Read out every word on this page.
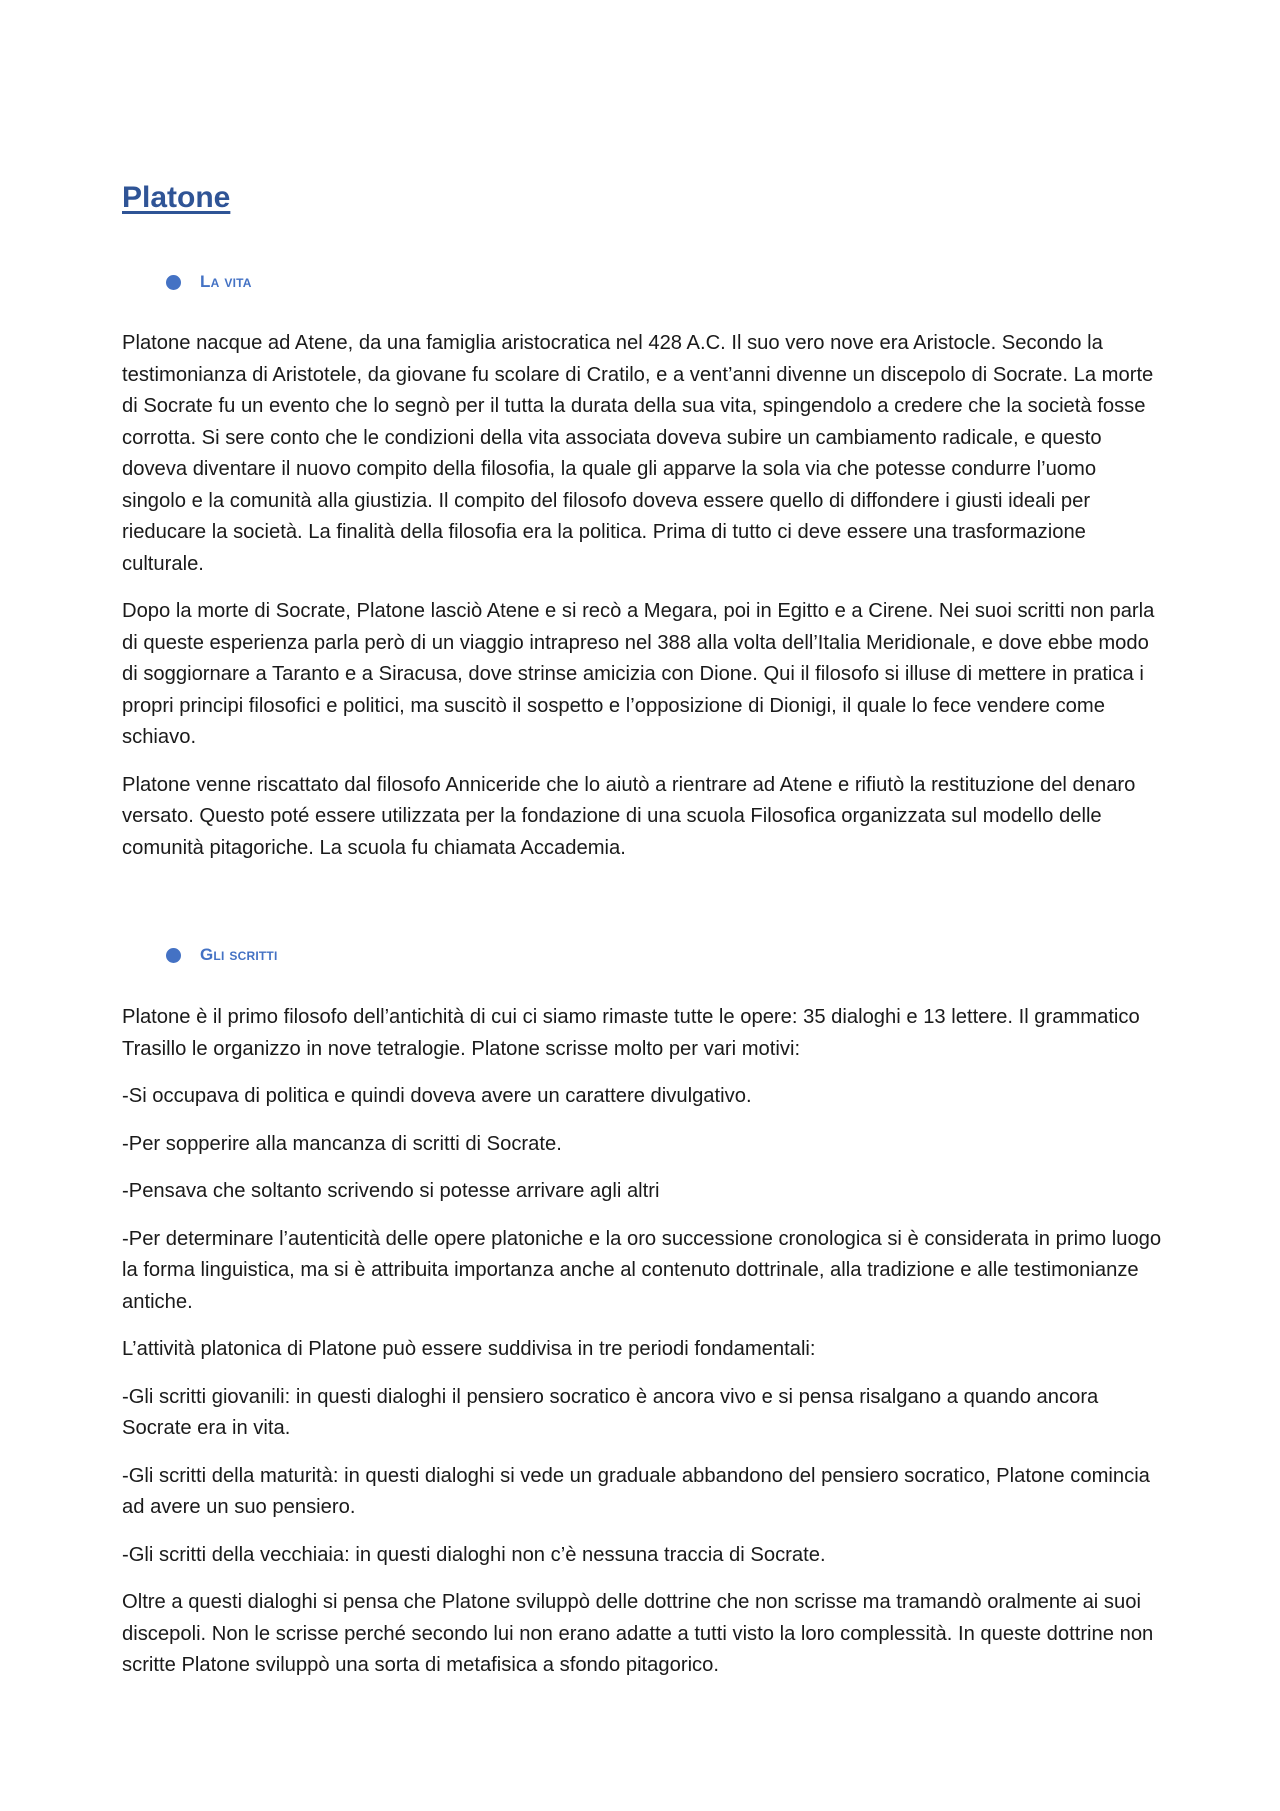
Platone
La vita

Platone nacque ad Atene, da una famiglia aristocratica nel 428 A.C. Il suo vero nove era Aristocle. Secondo la testimonianza di Aristotele, da giovane fu scolare di Cratilo, e a vent’anni divenne un discepolo di Socrate. La morte di Socrate fu un evento che lo segnò per il tutta la durata della sua vita, spingendolo a credere che la società fosse corrotta. Si sere conto che le condizioni della vita associata doveva subire un cambiamento radicale, e questo doveva diventare il nuovo compito della filosofia, la quale gli apparve la sola via che potesse condurre l’uomo singolo e la comunità alla giustizia. Il compito del filosofo doveva essere quello di diffondere i giusti ideali per rieducare la società. La finalità della filosofia era la politica. Prima di tutto ci deve essere una trasformazione culturale.

Dopo la morte di Socrate, Platone lasciò Atene e si recò a Megara, poi in Egitto e a Cirene. Nei suoi scritti non parla di queste esperienza parla però di un viaggio intrapreso nel 388 alla volta dell’Italia Meridionale, e dove ebbe modo di soggiornare a Taranto e a Siracusa, dove strinse amicizia con Dione. Qui il filosofo si illuse di mettere in pratica i propri principi filosofici e politici, ma suscitò il sospetto e l’opposizione di Dionigi, il quale lo fece vendere come schiavo.

Platone venne riscattato dal filosofo Anniceride che lo aiutò a rientrare ad Atene e rifiutò la restituzione del denaro versato. Questo poté essere utilizzata per la fondazione di una scuola Filosofica organizzata sul modello delle comunità pitagoriche. La scuola fu chiamata Accademia.

Gli scritti

Platone è il primo filosofo dell’antichità di cui ci siamo rimaste tutte le opere: 35 dialoghi e 13 lettere. Il grammatico Trasillo le organizzo in nove tetralogie. Platone scrisse molto per vari motivi:

-Si occupava di politica e quindi doveva avere un carattere divulgativo.

-Per sopperire alla mancanza di scritti di Socrate.

-Pensava che soltanto scrivendo si potesse arrivare agli altri

-Per determinare l’autenticità delle opere platoniche e la oro successione cronologica si è considerata in primo luogo la forma linguistica, ma si è attribuita importanza anche al contenuto dottrinale, alla tradizione e alle testimonianze antiche.

L’attività platonica di Platone può essere suddivisa in tre periodi fondamentali:

-Gli scritti giovanili: in questi dialoghi il pensiero socratico è ancora vivo e si pensa risalgano a quando ancora Socrate era in vita.

-Gli scritti della maturità: in questi dialoghi si vede un graduale abbandono del pensiero socratico, Platone comincia ad avere un suo pensiero.

-Gli scritti della vecchiaia: in questi dialoghi non c’è nessuna traccia di Socrate.

Oltre a questi dialoghi si pensa che Platone sviluppò delle dottrine che non scrisse ma tramandò oralmente ai suoi discepoli. Non le scrisse perché secondo lui non erano adatte a tutti visto la loro complessità. In queste dottrine non scritte Platone sviluppò una sorta di metafisica a sfondo pitagorico.
